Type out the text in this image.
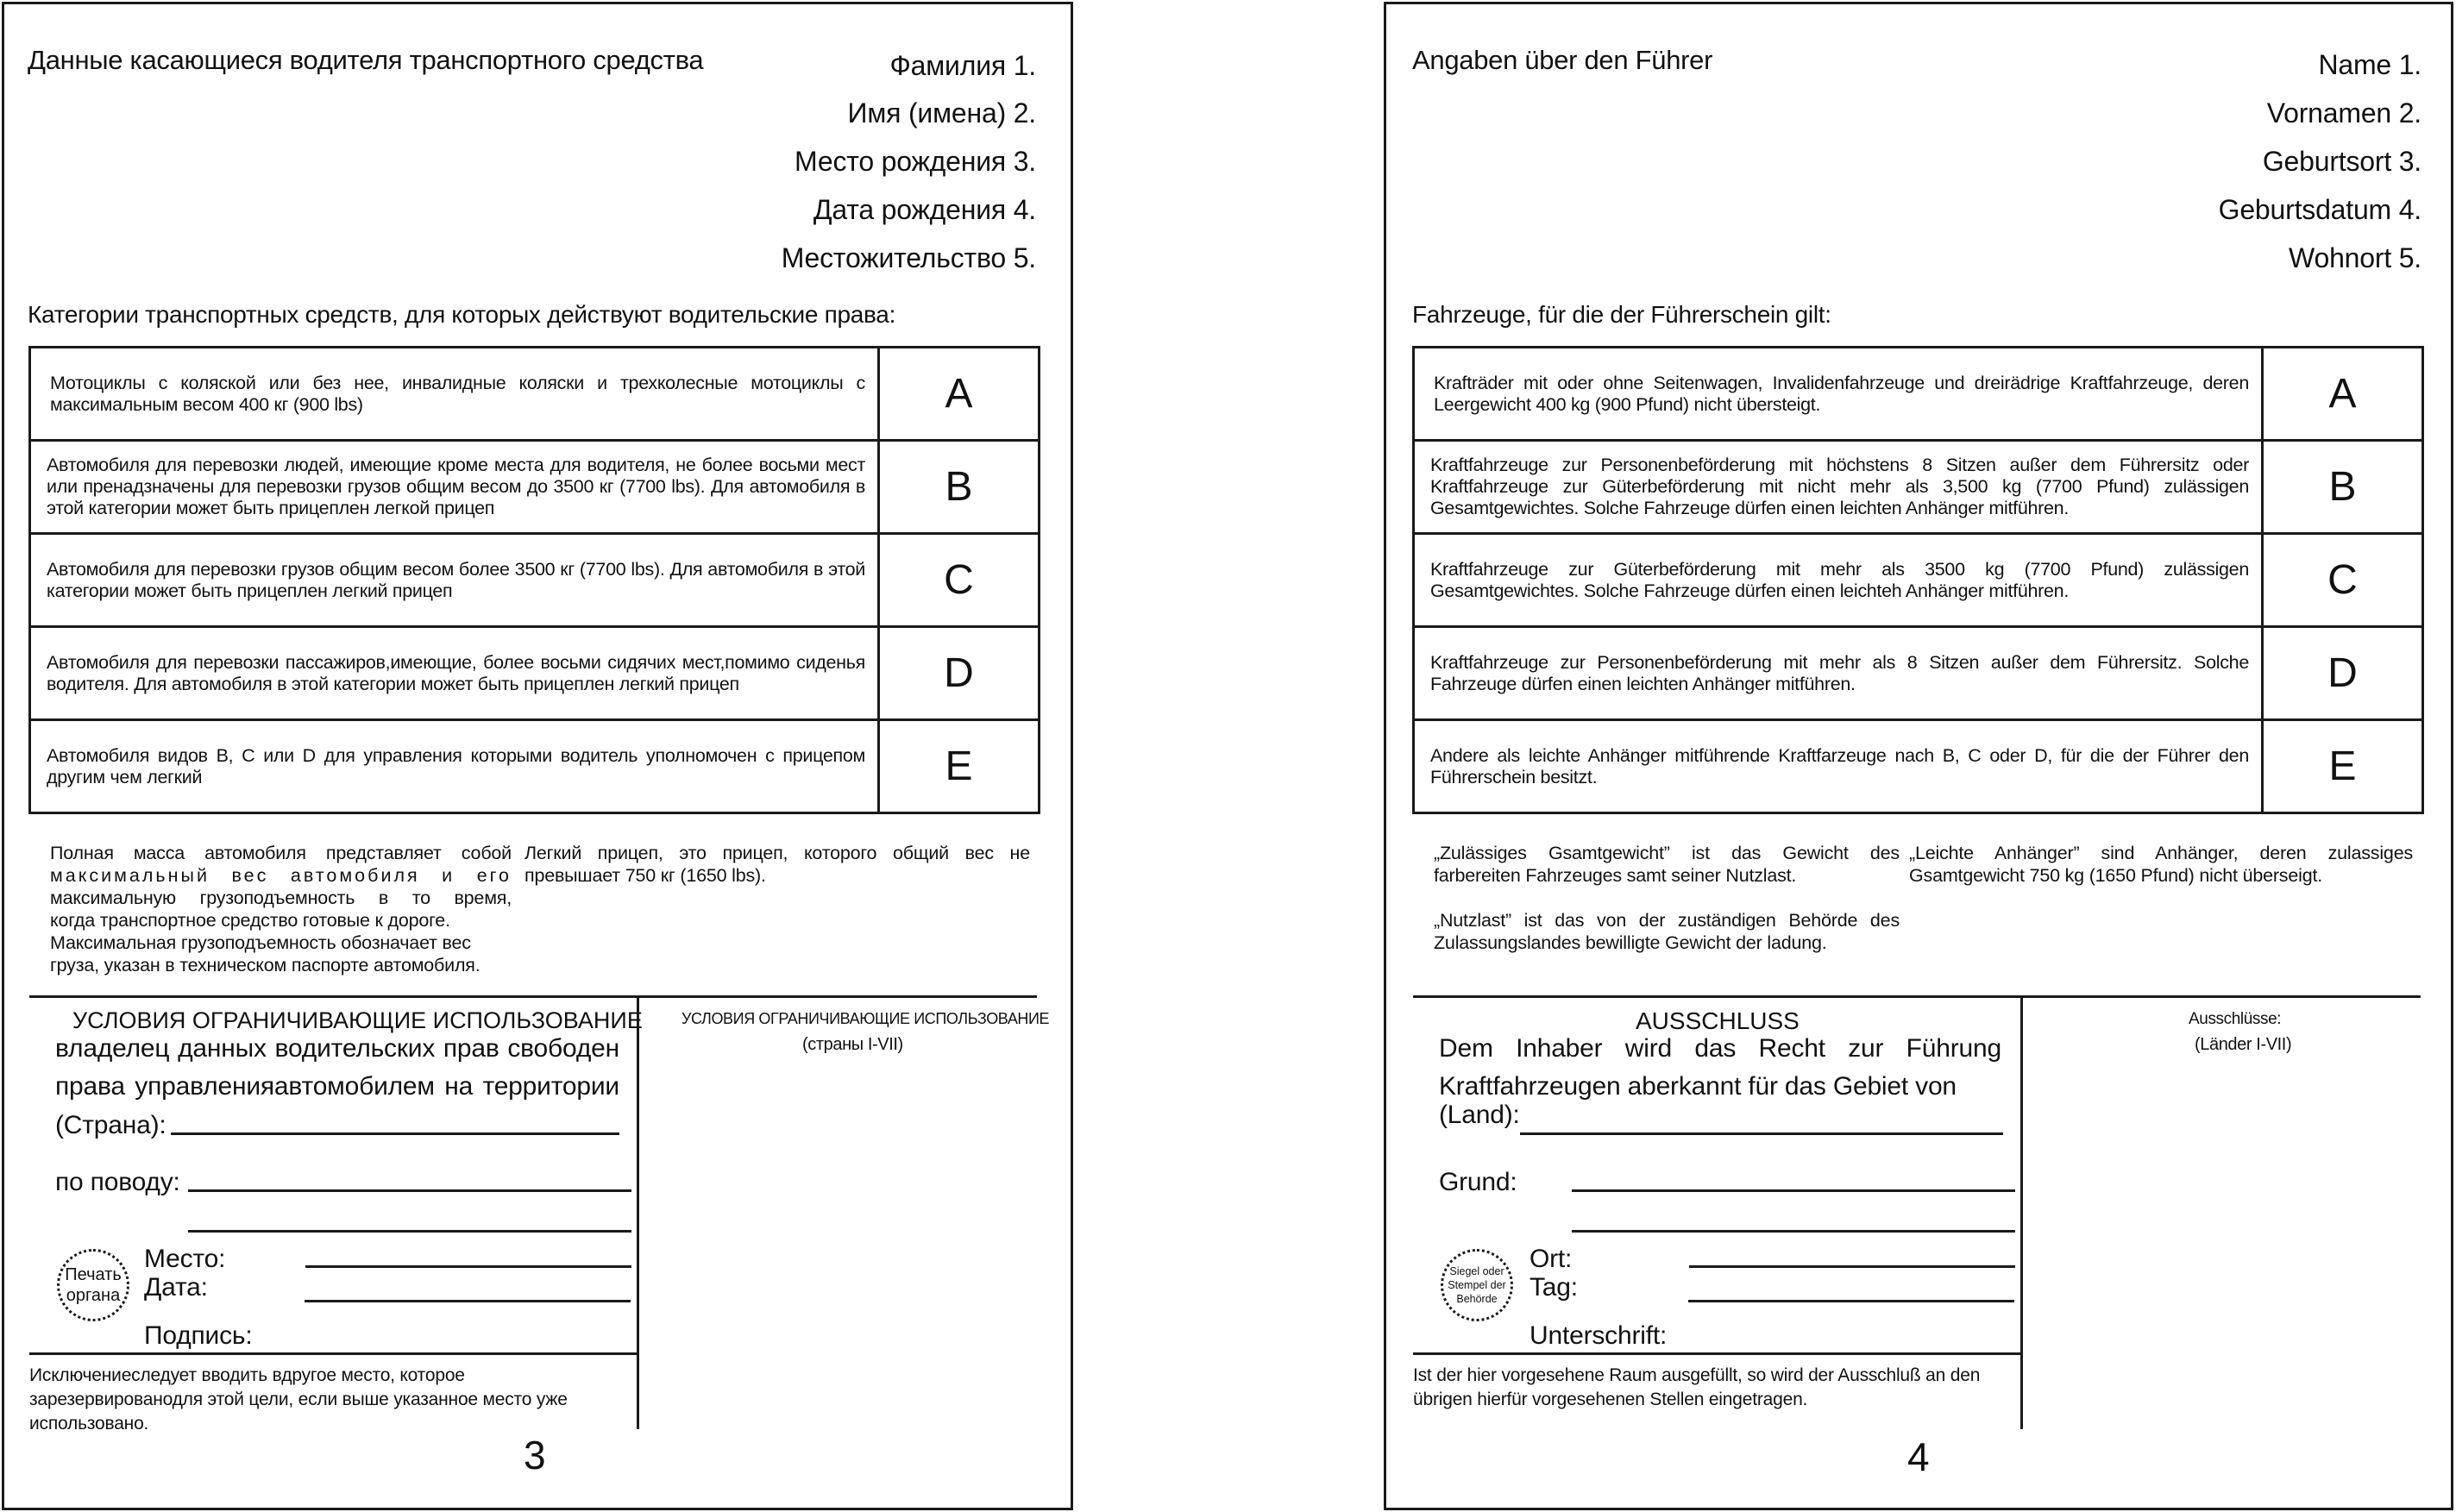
Данные касающиеся водителя транспортного средства	Фамилия 1.
Имя (имена) 2.
Место рождения 3.
Дата рождения 4.
Местожительство 5.
Категории транспортных средств, для которых действуют водительские права:
Мотоциклы с коляской или без нее, инвалидные коляски и трехколесные мотоциклы с максимальным весом 400 кг (900 lbs)	A
Автомобиля для перевозки людей, имеющие кроме места для водителя, не более восьми мест или пренадзначены для перевозки грузов общим весом до 3500 кг (7700 lbs). Для автомобиля в этой категории может быть прицеплен легкой прицеп	B
Автомобиля для перевозки грузов общим весом более 3500 кг (7700 lbs). Для автомобиля в этой категории может быть прицеплен легкий прицеп	C
Автомобиля для перевозки пассажиров,имеющие, более восьми сидячих мест,помимо сиденья водителя. Для автомобиля в этой категории может быть прицеплен легкий прицеп	D
Автомобиля видов B, C или D для управления которыми водитель уполномочен с прицепом другим чем легкий	E
Полная масса автомобиля представляет собой
максимальный вес автомобиля и его
максимальную грузоподъемность в то время,
когда транспортное средство готовые к дороге.
Максимальная грузоподъемность обозначает вес
груза, указан в техническом паспорте автомобиля.
Легкий прицеп, это прицеп, которого общий вес не превышает 750 кг (1650 lbs).
УСЛОВИЯ ОГРАНИЧИВАЮЩИЕ ИСПОЛЬЗОВАНИЕ
владелец данных водительских прав свободен
права управленияавтомобилем на территории
(Страна):
по поводу:
Печать
органа
Место:
Дата:
Подпись:
Исключениеследует вводить вдругое место, которое зарезервированодля этой цели, если выше указанное место уже использовано.
УСЛОВИЯ ОГРАНИЧИВАЮЩИЕ ИСПОЛЬЗОВАНИЕ
(страны I-VII)
3
Angaben über den Führer	Name 1.
Vornamen 2.
Geburtsort 3.
Geburtsdatum 4.
Wohnort 5.
Fahrzeuge, für die der Führerschein gilt:
Krafträder mit oder ohne Seitenwagen, Invalidenfahrzeuge und dreirädrige Kraftfahrzeuge, deren Leergewicht 400 kg (900 Pfund) nicht übersteigt.	A
Kraftfahrzeuge zur Personenbeförderung mit höchstens 8 Sitzen außer dem Führersitz oder Kraftfahrzeuge zur Güterbeförderung mit nicht mehr als 3,500 kg (7700 Pfund) zulässigen Gesamtgewichtes. Solche Fahrzeuge dürfen einen leichten Anhänger mitführen.	B
Kraftfahrzeuge zur Güterbeförderung mit mehr als 3500 kg (7700 Pfund) zulässigen Gesamtgewichtes. Solche Fahrzeuge dürfen einen leichteh Anhänger mitführen.	C
Kraftfahrzeuge zur Personenbeförderung mit mehr als 8 Sitzen außer dem Führersitz. Solche Fahrzeuge dürfen einen leichten Anhänger mitführen.	D
Andere als leichte Anhänger mitführende Kraftfarzeuge nach B, C oder D, für die der Führer den Führerschein besitzt.	E
„Zulässiges Gsamtgewicht” ist das Gewicht des farbereiten Fahrzeuges samt seiner Nutzlast.
„Nutzlast” ist das von der zuständigen Behörde des Zulassungslandes bewilligte Gewicht der ladung.
„Leichte Anhänger” sind Anhänger, deren zulassiges Gsamtgewicht 750 kg (1650 Pfund) nicht überseigt.
AUSSCHLUSS
Dem Inhaber wird das Recht zur Führung
Kraftfahrzeugen aberkannt für das Gebiet von
(Land):
Grund:
Siegel oder
Stempel der
Behörde
Ort:
Tag:
Unterschrift:
Ist der hier vorgesehene Raum ausgefüllt, so wird der Ausschluß an den übrigen hierfür vorgesehenen Stellen eingetragen.
Ausschlüsse:
(Länder I-VII)
4
